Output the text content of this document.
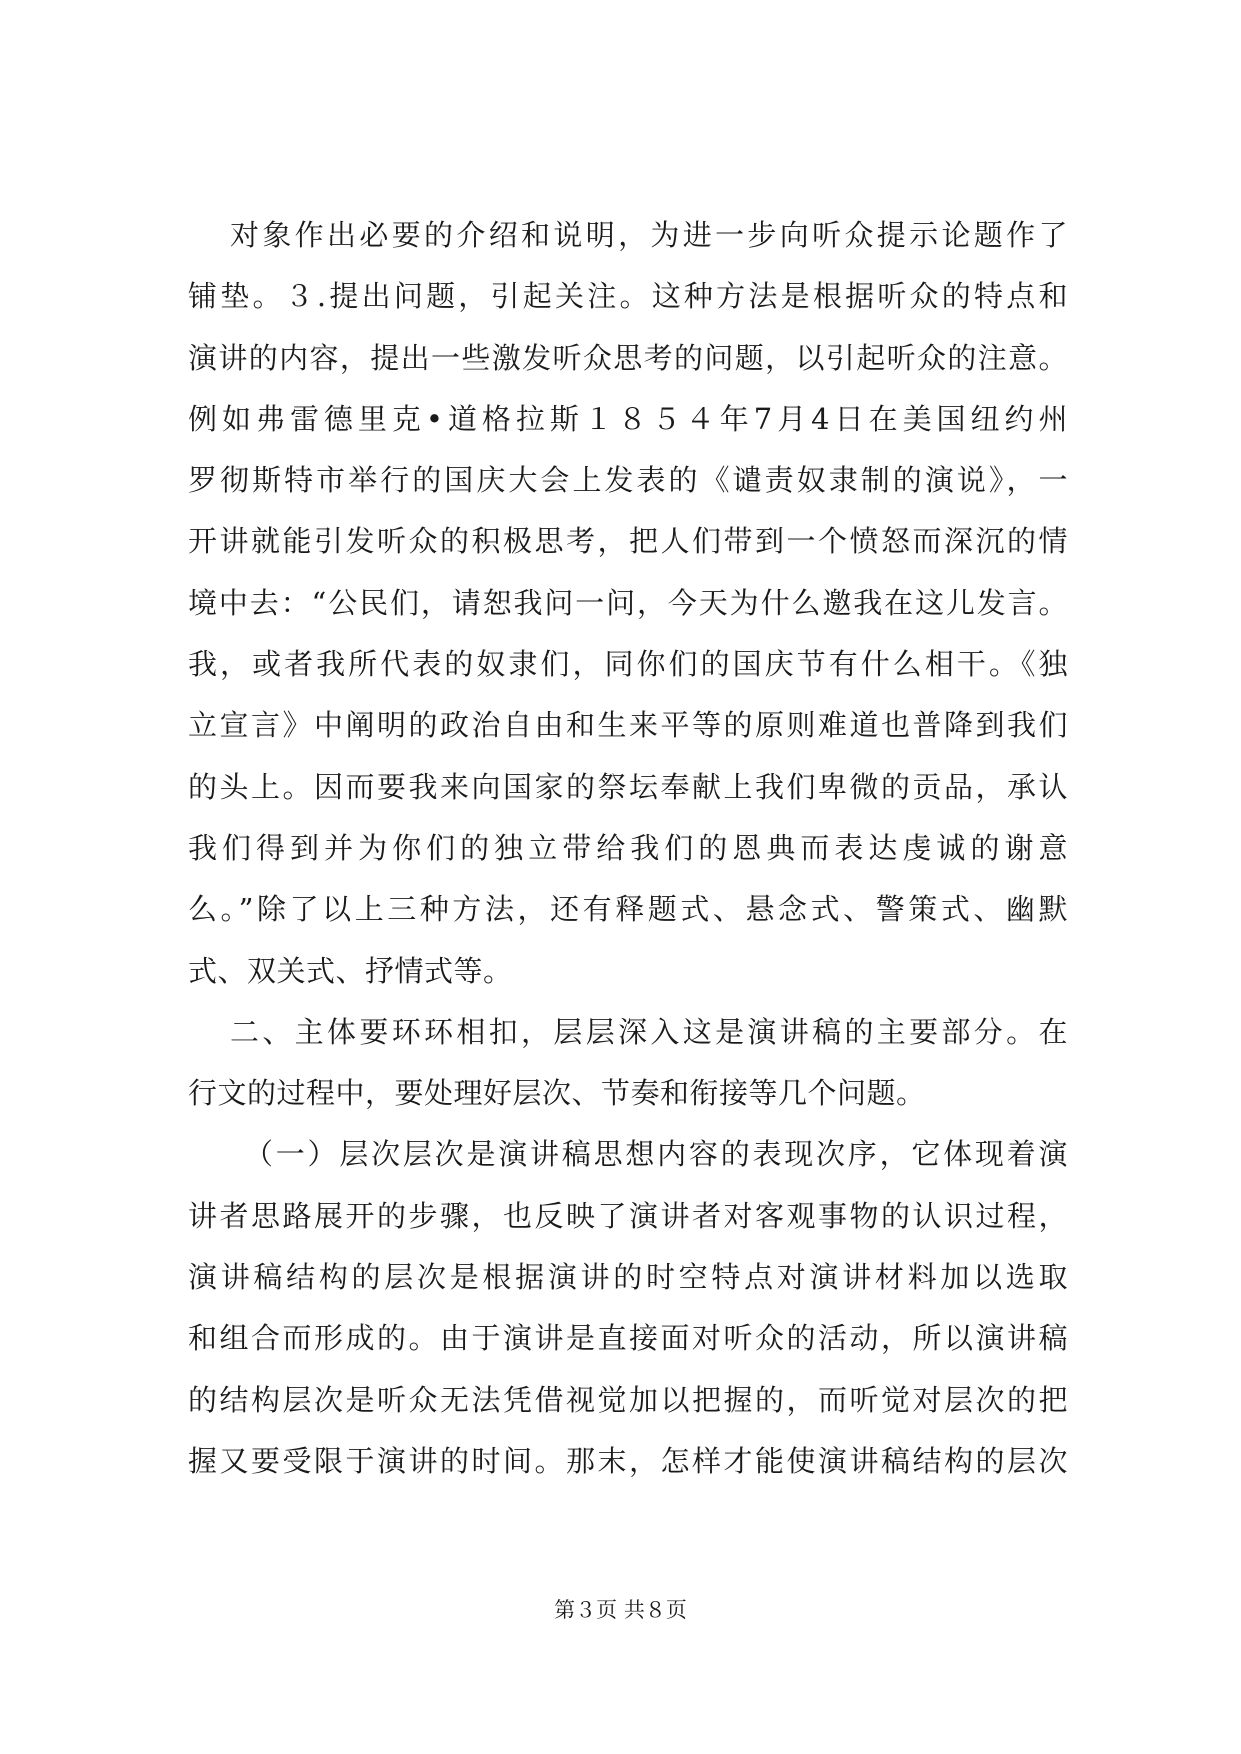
对象作出必要的介绍和说明，为进一步向听众提示论题作了
铺垫。３.提出问题，引起关注。这种方法是根据听众的特点和
演讲的内容，提出一些激发听众思考的问题，以引起听众的注意。
例如弗雷德里克•道格拉斯１８５４年7月4日在美国纽约州
罗彻斯特市举行的国庆大会上发表的《谴责奴隶制的演说》，一
开讲就能引发听众的积极思考，把人们带到一个愤怒而深沉的情
境中去：“公民们，请恕我问一问，今天为什么邀我在这儿发言。
我，或者我所代表的奴隶们，同你们的国庆节有什么相干。《独
立宣言》中阐明的政治自由和生来平等的原则难道也普降到我们
的头上。因而要我来向国家的祭坛奉献上我们卑微的贡品，承认
我们得到并为你们的独立带给我们的恩典而表达虔诚的谢意
么。”除了以上三种方法，还有释题式、悬念式、警策式、幽默
式、双关式、抒情式等。
二、主体要环环相扣，层层深入这是演讲稿的主要部分。在
行文的过程中，要处理好层次、节奏和衔接等几个问题。
（一）层次层次是演讲稿思想内容的表现次序，它体现着演
讲者思路展开的步骤，也反映了演讲者对客观事物的认识过程，
演讲稿结构的层次是根据演讲的时空特点对演讲材料加以选取
和组合而形成的。由于演讲是直接面对听众的活动，所以演讲稿
的结构层次是听众无法凭借视觉加以把握的，而听觉对层次的把
握又要受限于演讲的时间。那末，怎样才能使演讲稿结构的层次
第３页 共８页
